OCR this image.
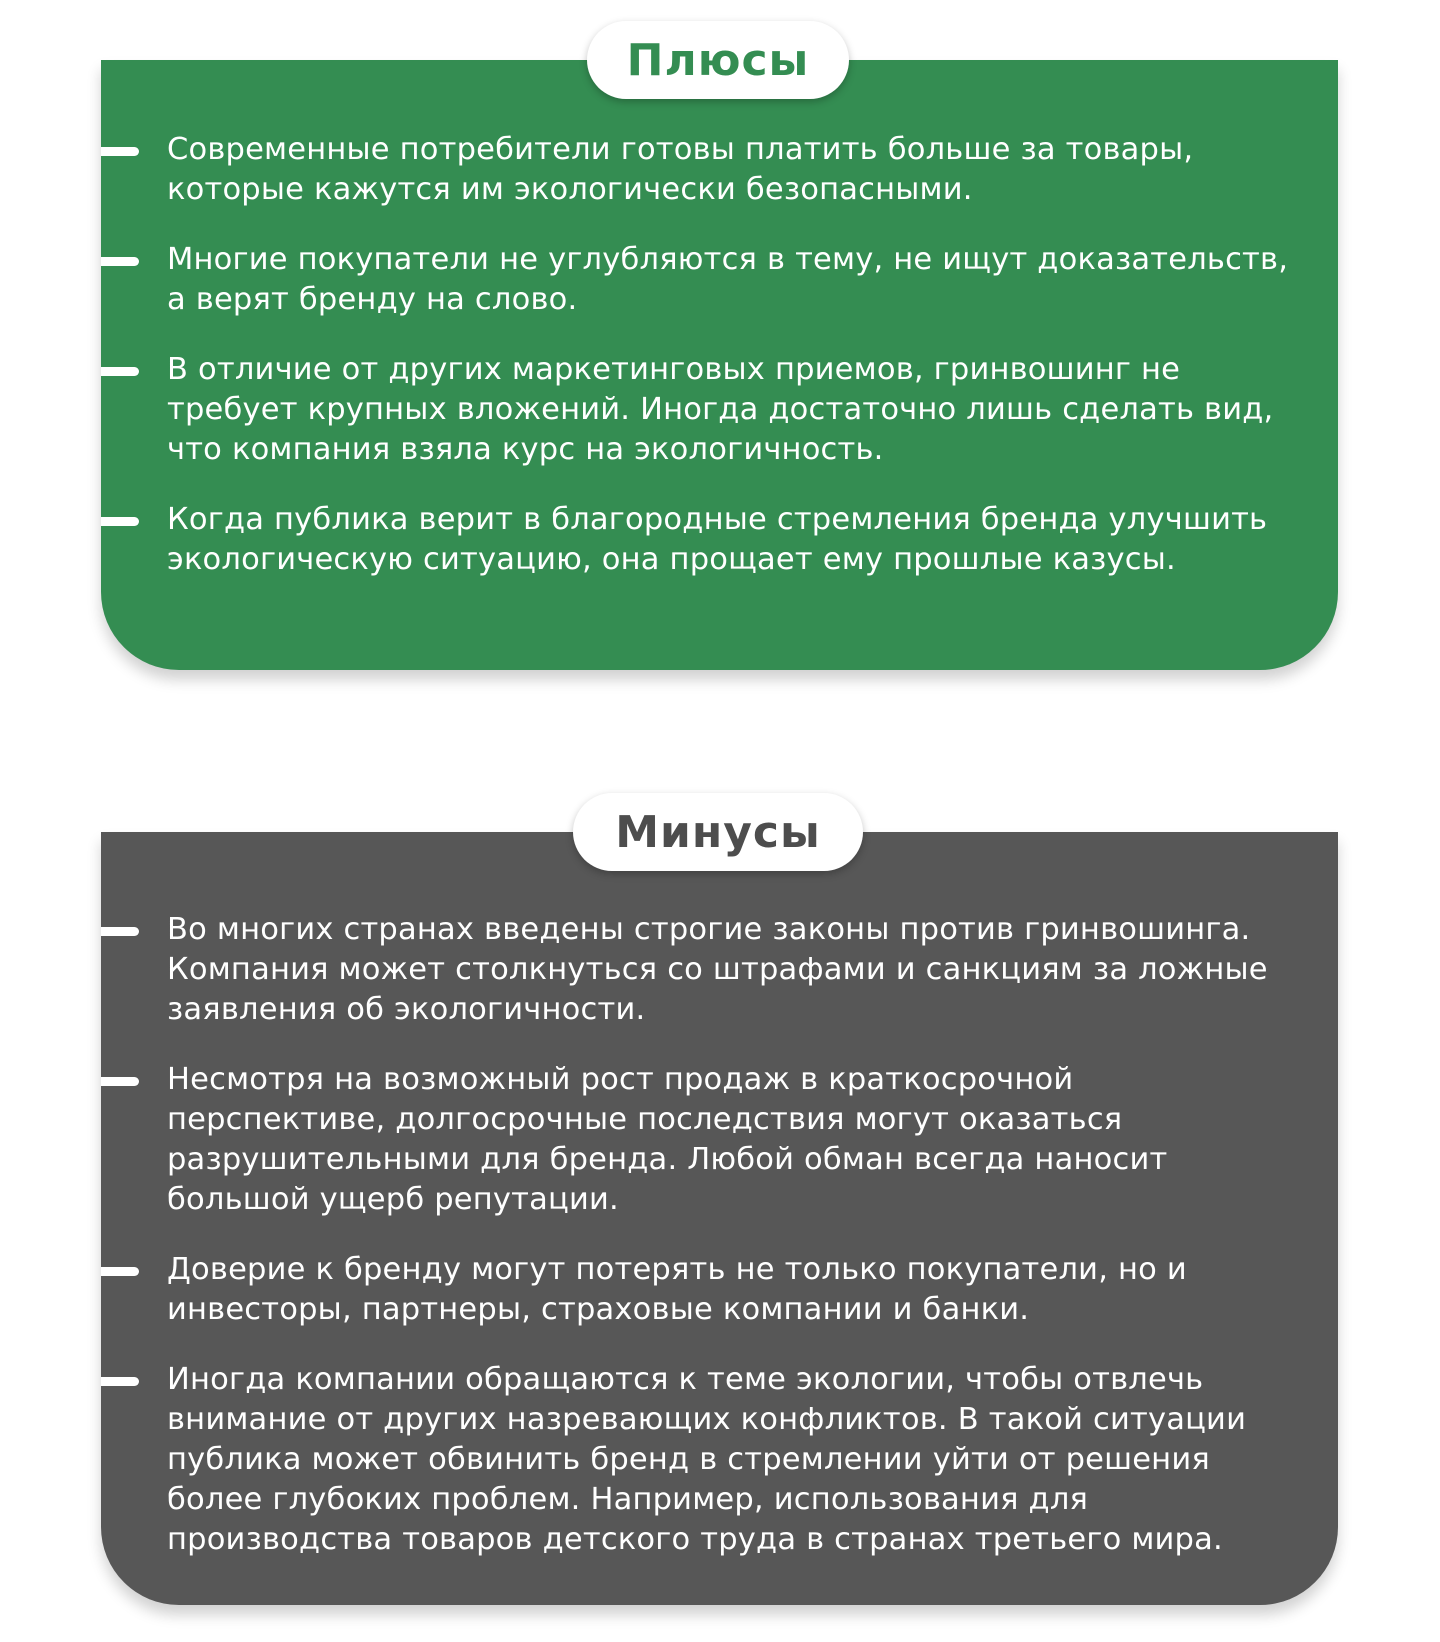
Плюсы
Современные потребители готовы платить больше за товары, которые кажутся им экологически безопасными.
Многие покупатели не углубляются в тему, не ищут доказательств, а верят бренду на слово.
В отличие от других маркетинговых приемов, гринвошинг не требует крупных вложений. Иногда достаточно лишь сделать вид, что компания взяла курс на экологичность.
Когда публика верит в благородные стремления бренда улучшить экологическую ситуацию, она прощает ему прошлые казусы.
Минусы
Во многих странах введены строгие законы против гринвошинга. Компания может столкнуться со штрафами и санкциям за ложные заявления об экологичности.
Несмотря на возможный рост продаж в краткосрочной перспективе, долгосрочные последствия могут оказаться разрушительными для бренда. Любой обман всегда наносит большой ущерб репутации.
Доверие к бренду могут потерять не только покупатели, но и инвесторы, партнеры, страховые компании и банки.
Иногда компании обращаются к теме экологии, чтобы отвлечь внимание от других назревающих конфликтов. В такой ситуации публика может обвинить бренд в стремлении уйти от решения более глубоких проблем. Например, использования для производства товаров детского труда в странах третьего мира.
